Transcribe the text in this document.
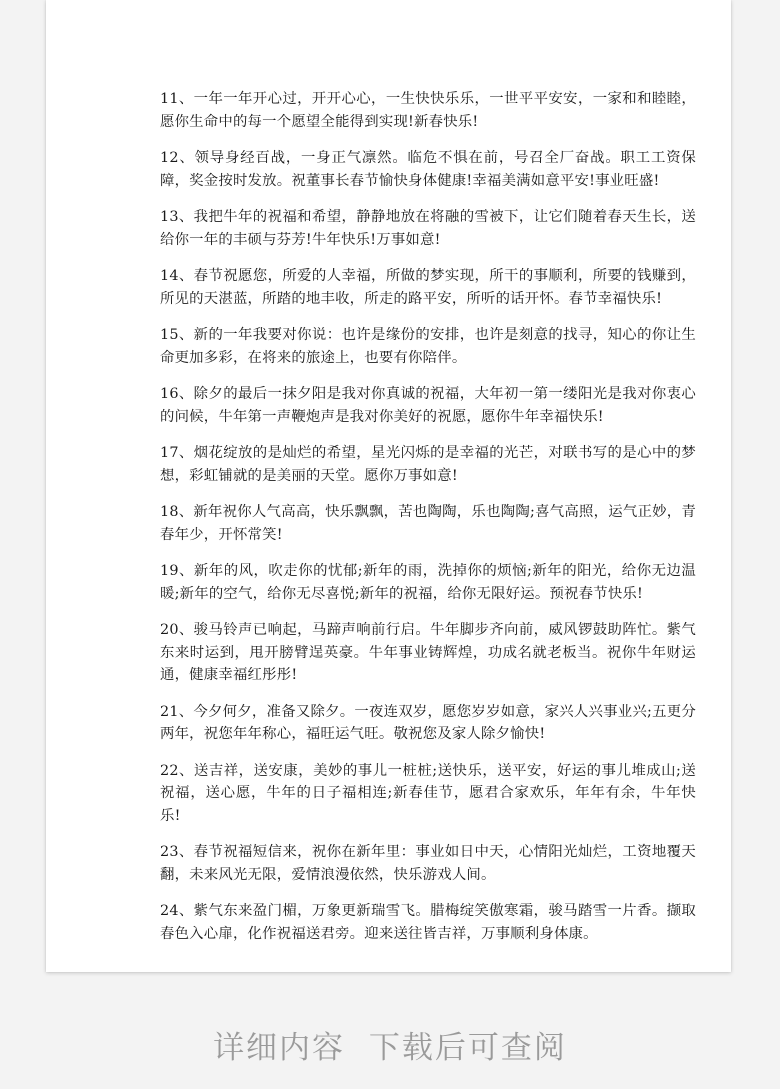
11、一年一年开心过，开开心心，一生快快乐乐，一世平平安安，一家和和睦睦，愿你生命中的每一个愿望全能得到实现!新春快乐!

12、领导身经百战，一身正气凛然。临危不惧在前，号召全厂奋战。职工工资保障，奖金按时发放。祝董事长春节愉快身体健康!幸福美满如意平安!事业旺盛!

13、我把牛年的祝福和希望，静静地放在将融的雪被下，让它们随着春天生长，送给你一年的丰硕与芬芳!牛年快乐!万事如意!

14、春节祝愿您，所爱的人幸福，所做的梦实现，所干的事顺利，所要的钱赚到，所见的天湛蓝，所踏的地丰收，所走的路平安，所听的话开怀。春节幸福快乐!

15、新的一年我要对你说：也许是缘份的安排，也许是刻意的找寻，知心的你让生命更加多彩，在将来的旅途上，也要有你陪伴。

16、除夕的最后一抹夕阳是我对你真诚的祝福，大年初一第一缕阳光是我对你衷心的问候，牛年第一声鞭炮声是我对你美好的祝愿，愿你牛年幸福快乐!

17、烟花绽放的是灿烂的希望，星光闪烁的是幸福的光芒，对联书写的是心中的梦想，彩虹铺就的是美丽的天堂。愿你万事如意!

18、新年祝你人气高高，快乐飘飘，苦也陶陶，乐也陶陶;喜气高照，运气正妙，青春年少，开怀常笑!

19、新年的风，吹走你的忧郁;新年的雨，洗掉你的烦恼;新年的阳光，给你无边温暖;新年的空气，给你无尽喜悦;新年的祝福，给你无限好运。预祝春节快乐!

20、骏马铃声已响起，马蹄声响前行启。牛年脚步齐向前，威风锣鼓助阵忙。紫气东来时运到，甩开膀臂逞英豪。牛年事业铸辉煌，功成名就老板当。祝你牛年财运通，健康幸福红彤彤!

21、今夕何夕，准备又除夕。一夜连双岁，愿您岁岁如意，家兴人兴事业兴;五更分两年，祝您年年称心，福旺运气旺。敬祝您及家人除夕愉快!

22、送吉祥，送安康，美妙的事儿一桩桩;送快乐，送平安，好运的事儿堆成山;送祝福，送心愿，牛年的日子福相连;新春佳节，愿君合家欢乐，年年有余，牛年快乐!

23、春节祝福短信来，祝你在新年里：事业如日中天，心情阳光灿烂，工资地覆天翻，未来风光无限，爱情浪漫依然，快乐游戏人间。

24、紫气东来盈门楣，万象更新瑞雪飞。腊梅绽笑傲寒霜，骏马踏雪一片香。撷取春色入心扉，化作祝福送君旁。迎来送往皆吉祥，万事顺利身体康。

详细内容 下载后可查阅
